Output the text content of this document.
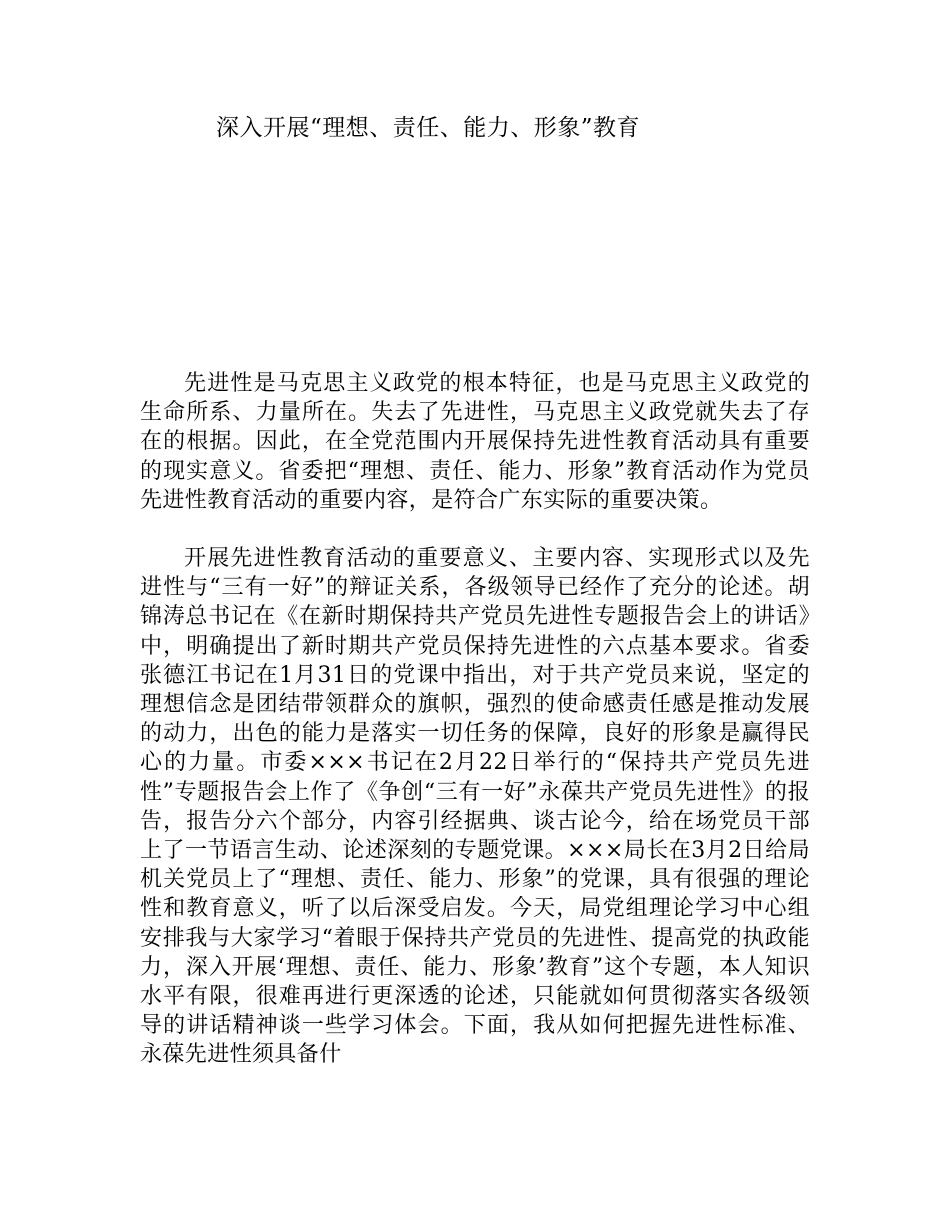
深入开展“理想、责任、能力、形象”教育

先进性是马克思主义政党的根本特征，也是马克思主义政党的生命所系、力量所在。失去了先进性，马克思主义政党就失去了存在的根据。因此，在全党范围内开展保持先进性教育活动具有重要的现实意义。省委把“理想、责任、能力、形象”教育活动作为党员先进性教育活动的重要内容，是符合广东实际的重要决策。

开展先进性教育活动的重要意义、主要内容、实现形式以及先进性与“三有一好”的辩证关系，各级领导已经作了充分的论述。胡锦涛总书记在《在新时期保持共产党员先进性专题报告会上的讲话》中，明确提出了新时期共产党员保持先进性的六点基本要求。省委张德江书记在1月31日的党课中指出，对于共产党员来说，坚定的理想信念是团结带领群众的旗帜，强烈的使命感责任感是推动发展的动力，出色的能力是落实一切任务的保障，良好的形象是赢得民心的力量。市委×××书记在2月22日举行的“保持共产党员先进性”专题报告会上作了《争创“三有一好”永葆共产党员先进性》的报告，报告分六个部分，内容引经据典、谈古论今，给在场党员干部上了一节语言生动、论述深刻的专题党课。×××局长在3月2日给局机关党员上了“理想、责任、能力、形象”的党课，具有很强的理论性和教育意义，听了以后深受启发。今天，局党组理论学习中心组安排我与大家学习“着眼于保持共产党员的先进性、提高党的执政能力，深入开展‘理想、责任、能力、形象’教育”这个专题，本人知识水平有限，很难再进行更深透的论述，只能就如何贯彻落实各级领导的讲话精神谈一些学习体会。下面，我从如何把握先进性标准、永葆先进性须具备什
